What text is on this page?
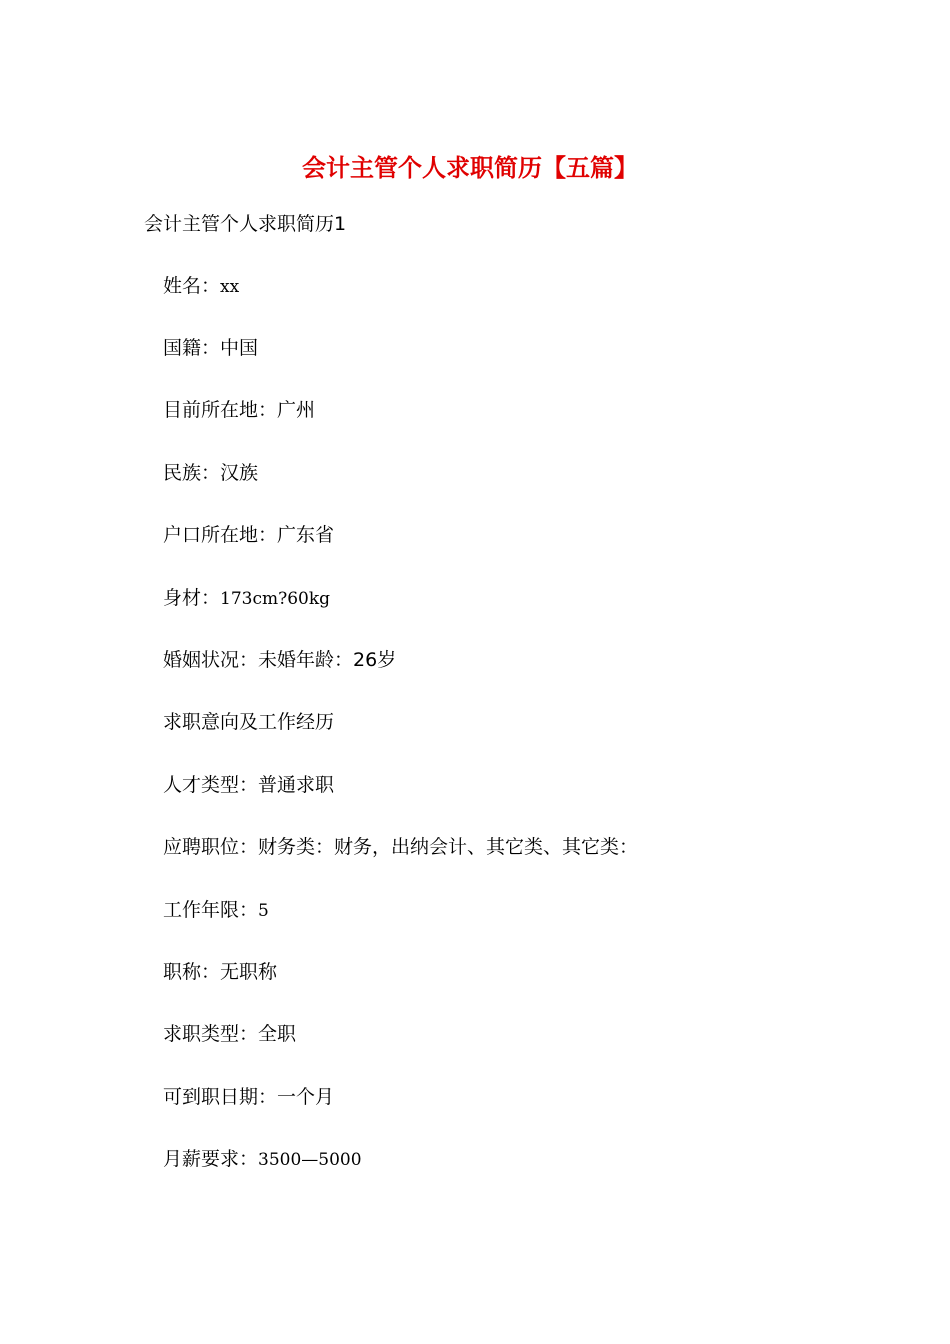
会计主管个人求职简历【五篇】

会计主管个人求职简历1

姓名：xx

国籍：中国

目前所在地：广州

民族：汉族

户口所在地：广东省

身材：173cm?60kg

婚姻状况：未婚年龄：26岁

求职意向及工作经历

人才类型：普通求职

应聘职位：财务类：财务，出纳会计、其它类、其它类：

工作年限：5

职称：无职称

求职类型：全职

可到职日期：一个月

月薪要求：3500—5000
